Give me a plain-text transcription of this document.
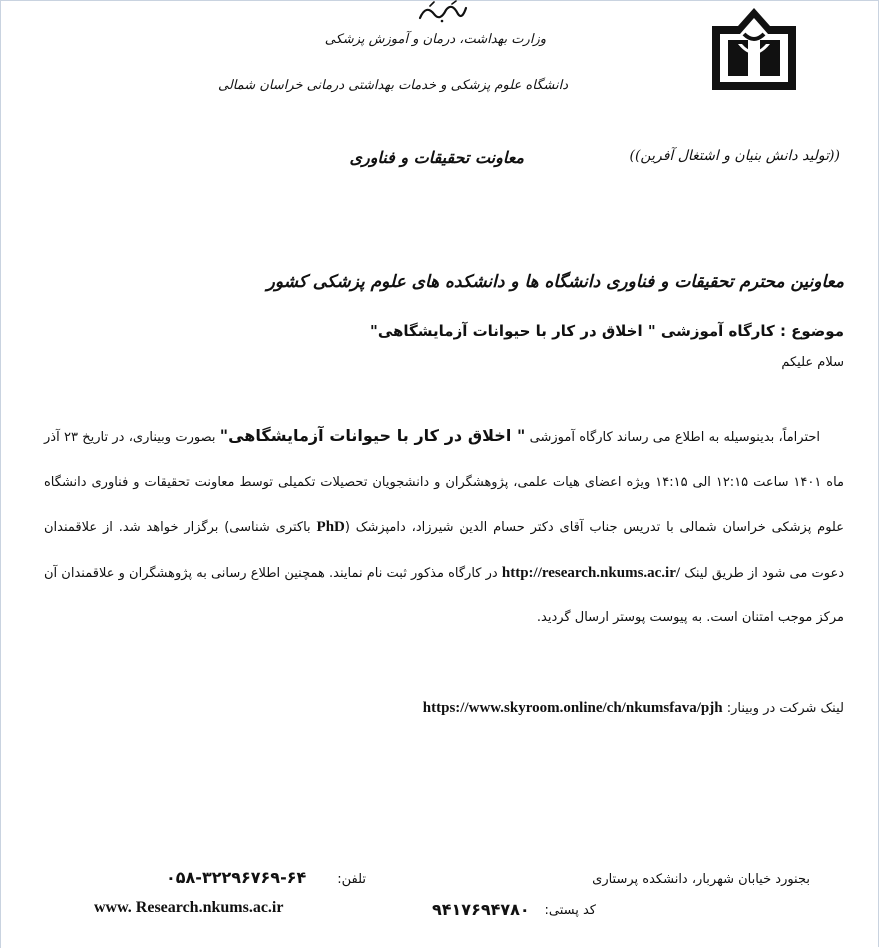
وزارت بهداشت، درمان و آموزش پزشکی
دانشگاه علوم پزشکی و خدمات بهداشتی درمانی خراسان شمالی
((تولید دانش بنیان و اشتغال آفرین))
معاونت تحقیقات و فناوری
معاونین محترم تحقیقات و فناوری دانشگاه ها و دانشکده های علوم پزشکی کشور
موضوع : کارگاه آموزشی " اخلاق در کار با حیوانات آزمایشگاهی"
سلام علیکم

احتراماً، بدینوسیله به اطلاع می رساند کارگاه آموزشی " اخلاق در کار با حیوانات آزمایشگاهی" بصورت وبیناری، در تاریخ ۲۳ آذر ماه ۱۴۰۱ ساعت ۱۲:۱۵ الی ۱۴:۱۵ ویژه اعضای هیات علمی، پژوهشگران و دانشجویان تحصیلات تکمیلی توسط معاونت تحقیقات و فناوری دانشگاه علوم پزشکی خراسان شمالی با تدریس جناب آقای دکتر حسام الدین شیرزاد، دامپزشک (PhD باکتری شناسی) برگزار خواهد شد. از علاقمندان دعوت می شود از طریق لینک http://research.nkums.ac.ir/ در کارگاه مذکور ثبت نام نمایند. همچنین اطلاع رسانی به پژوهشگران و علاقمندان آن مرکز موجب امتنان است. به پیوست پوستر ارسال گردید.

لینک شرکت در وبینار: https://www.skyroom.online/ch/nkumsfava/pjh
بجنورد خیابان شهربار، دانشکده پرستاری
تلفن:
۰۵۸-۳۲۲۹۶۷۶۹-۶۴
کد پستی:
۹۴۱۷۶۹۴۷۸۰
www. Research.nkums.ac.ir
